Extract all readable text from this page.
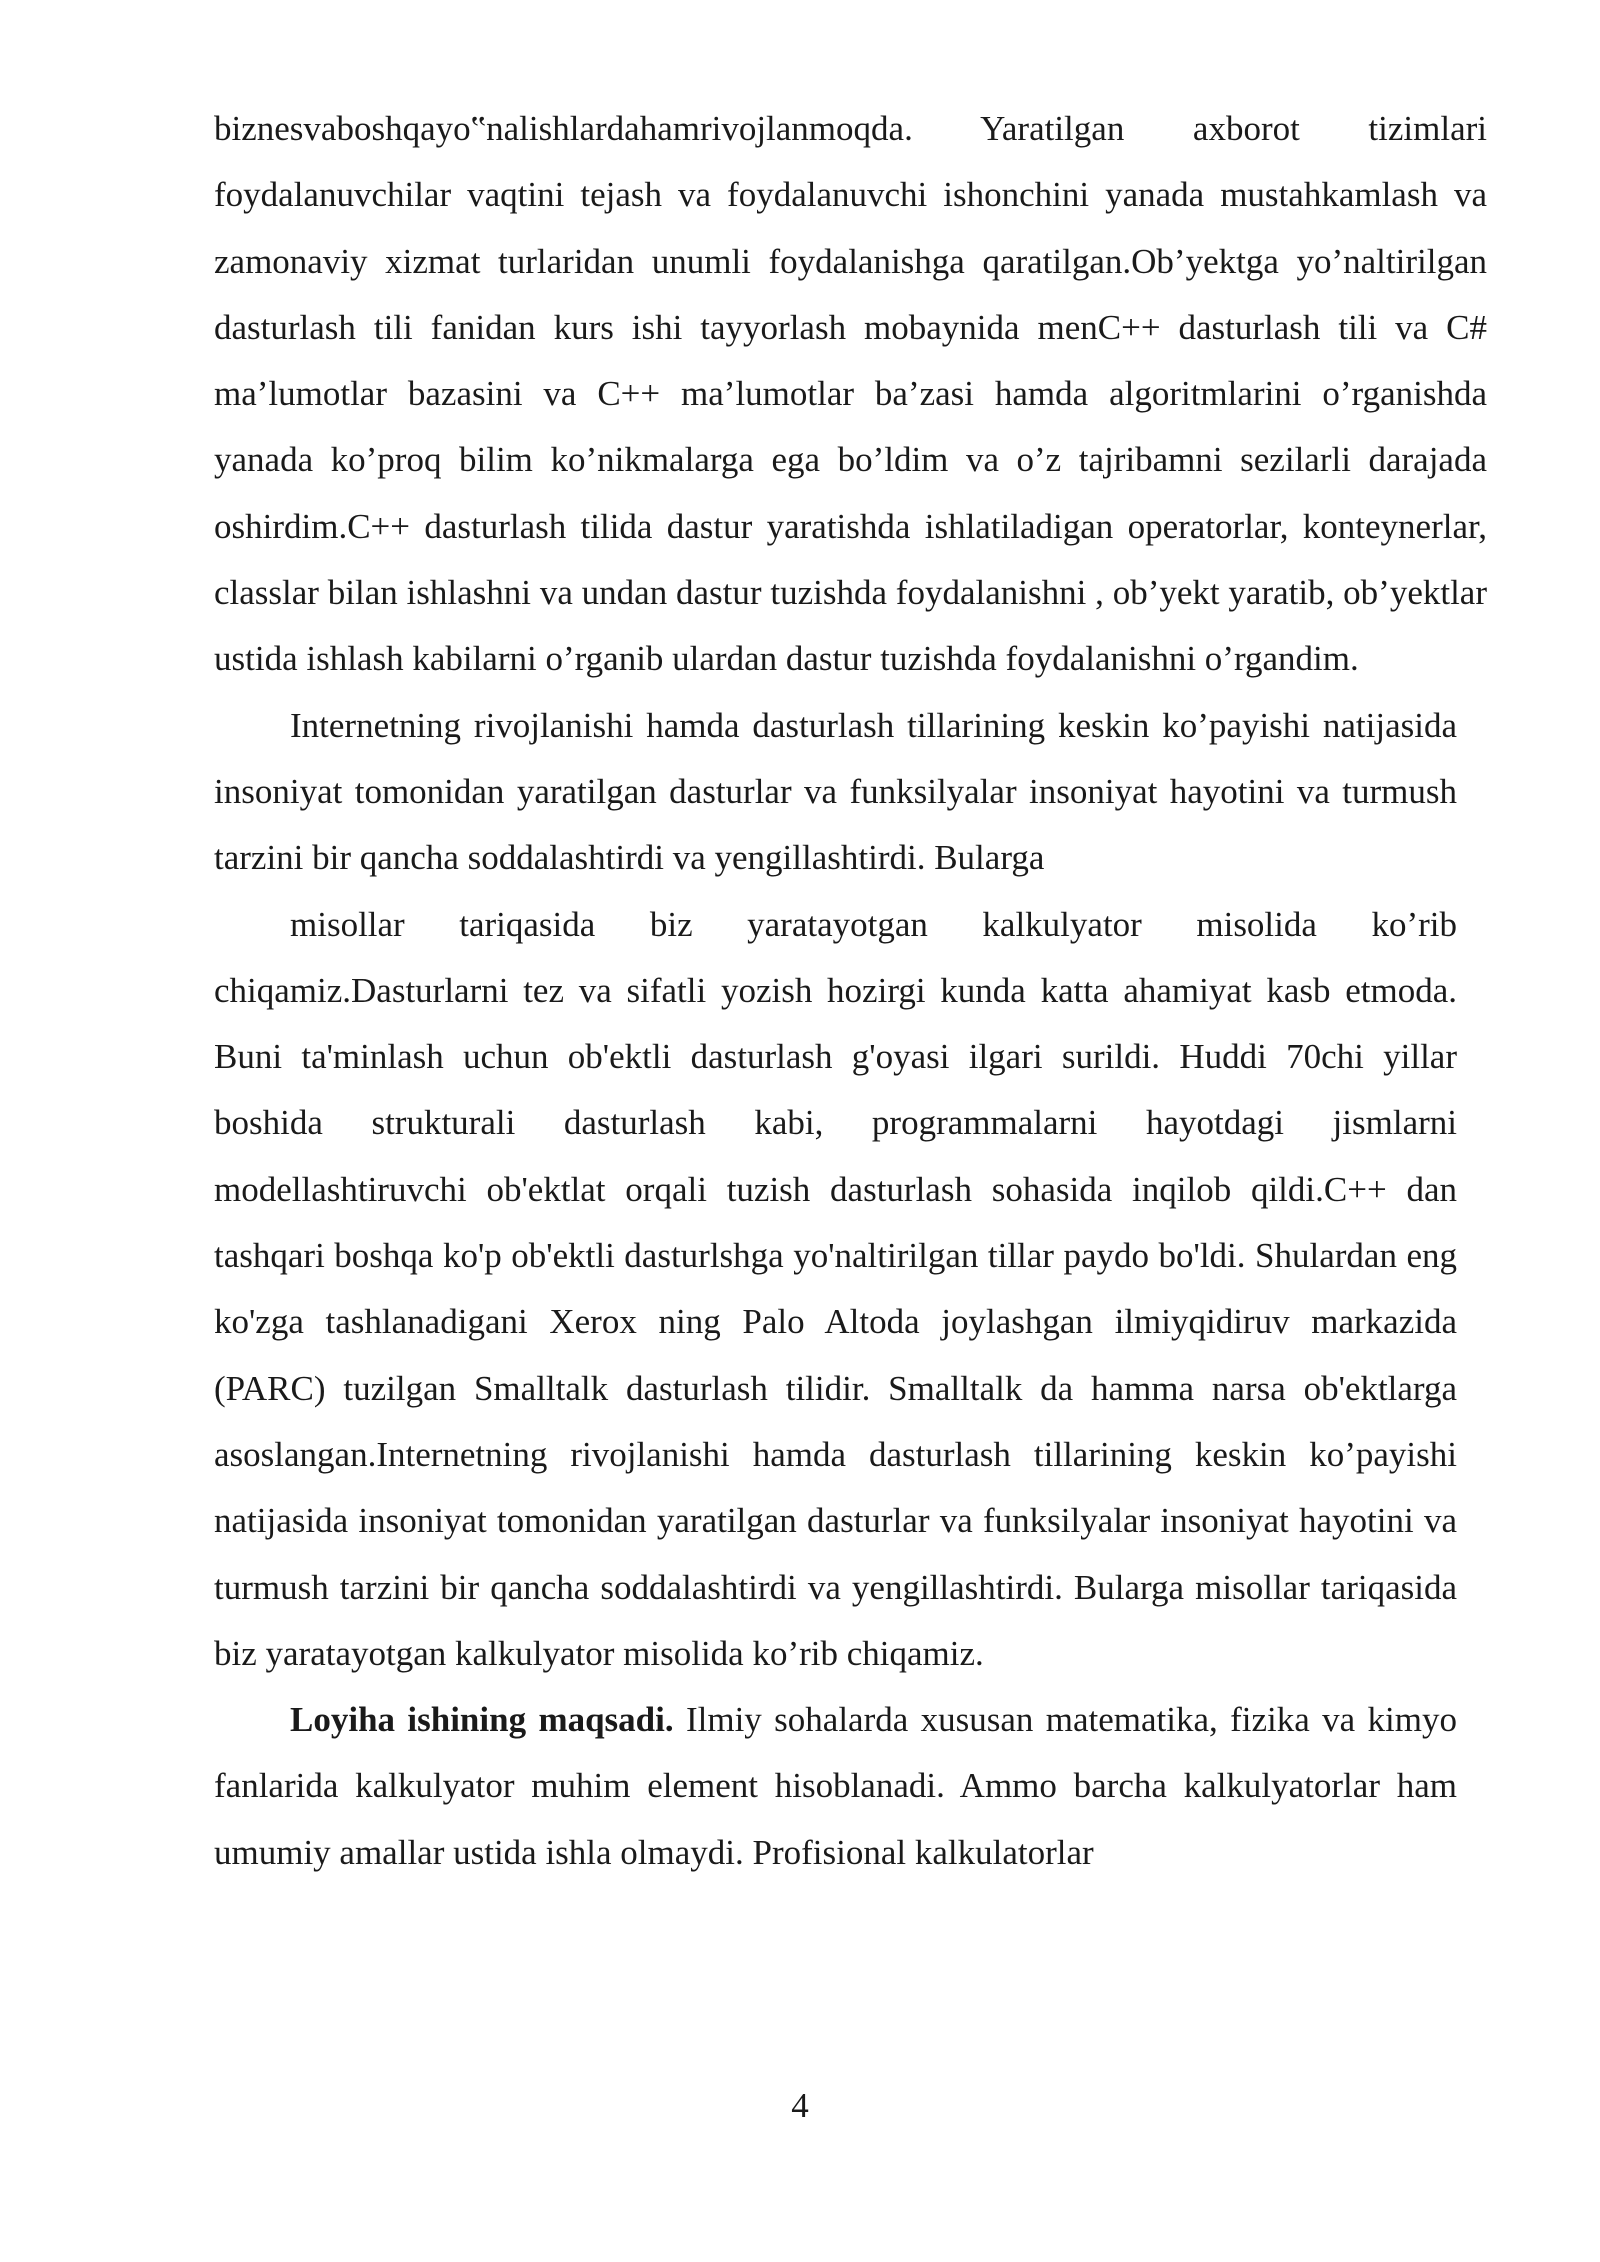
biznesvaboshqayo‟nalishlardahamrivojlanmoqda. Yaratilgan axborot tizimlari foydalanuvchilar vaqtini tejash va foydalanuvchi ishonchini yanada mustahkamlash va zamonaviy xizmat turlaridan unumli foydalanishga qaratilgan.Ob’yektga yo’naltirilgan dasturlash tili fanidan kurs ishi tayyorlash mobaynida menC++ dasturlash tili va C# ma’lumotlar bazasini va C++ ma’lumotlar ba’zasi hamda algoritmlarini o’rganishda yanada ko’proq bilim ko’nikmalarga ega bo’ldim va o’z tajribamni sezilarli darajada oshirdim.C++ dasturlash tilida dastur yaratishda ishlatiladigan operatorlar, konteynerlar, classlar bilan ishlashni va undan dastur tuzishda foydalanishni , ob’yekt yaratib, ob’yektlar ustida ishlash kabilarni o’rganib ulardan dastur tuzishda foydalanishni o’rgandim.

Internetning rivojlanishi hamda dasturlash tillarining keskin ko’payishi natijasida insoniyat tomonidan yaratilgan dasturlar va funksilyalar insoniyat hayotini va turmush tarzini bir qancha soddalashtirdi va yengillashtirdi. Bularga

misollar tariqasida biz yaratayotgan kalkulyator misolida ko’rib chiqamiz.Dasturlarni tez va sifatli yozish hozirgi kunda katta ahamiyat kasb etmoda. Buni ta'minlash uchun ob'ektli dasturlash g'oyasi ilgari surildi. Huddi 70chi yillar boshida strukturali dasturlash kabi, programmalarni hayotdagi jismlarni modellashtiruvchi ob'ektlat orqali tuzish dasturlash sohasida inqilob qildi.C++ dan tashqari boshqa ko'p ob'ektli dasturlshga yo'naltirilgan tillar paydo bo'ldi. Shulardan eng ko'zga tashlanadigani Xerox ning Palo Altoda joylashgan ilmiyqidiruv markazida (PARC) tuzilgan Smalltalk dasturlash tilidir. Smalltalk da hamma narsa ob'ektlarga asoslangan.Internetning rivojlanishi hamda dasturlash tillarining keskin ko’payishi natijasida insoniyat tomonidan yaratilgan dasturlar va funksilyalar insoniyat hayotini va turmush tarzini bir qancha soddalashtirdi va yengillashtirdi. Bularga misollar tariqasida biz yaratayotgan kalkulyator misolida ko’rib chiqamiz.

Loyiha ishining maqsadi. Ilmiy sohalarda xususan matematika, fizika va kimyo fanlarida kalkulyator muhim element hisoblanadi. Ammo barcha kalkulyatorlar ham umumiy amallar ustida ishla olmaydi. Profisional kalkulatorlar

4
